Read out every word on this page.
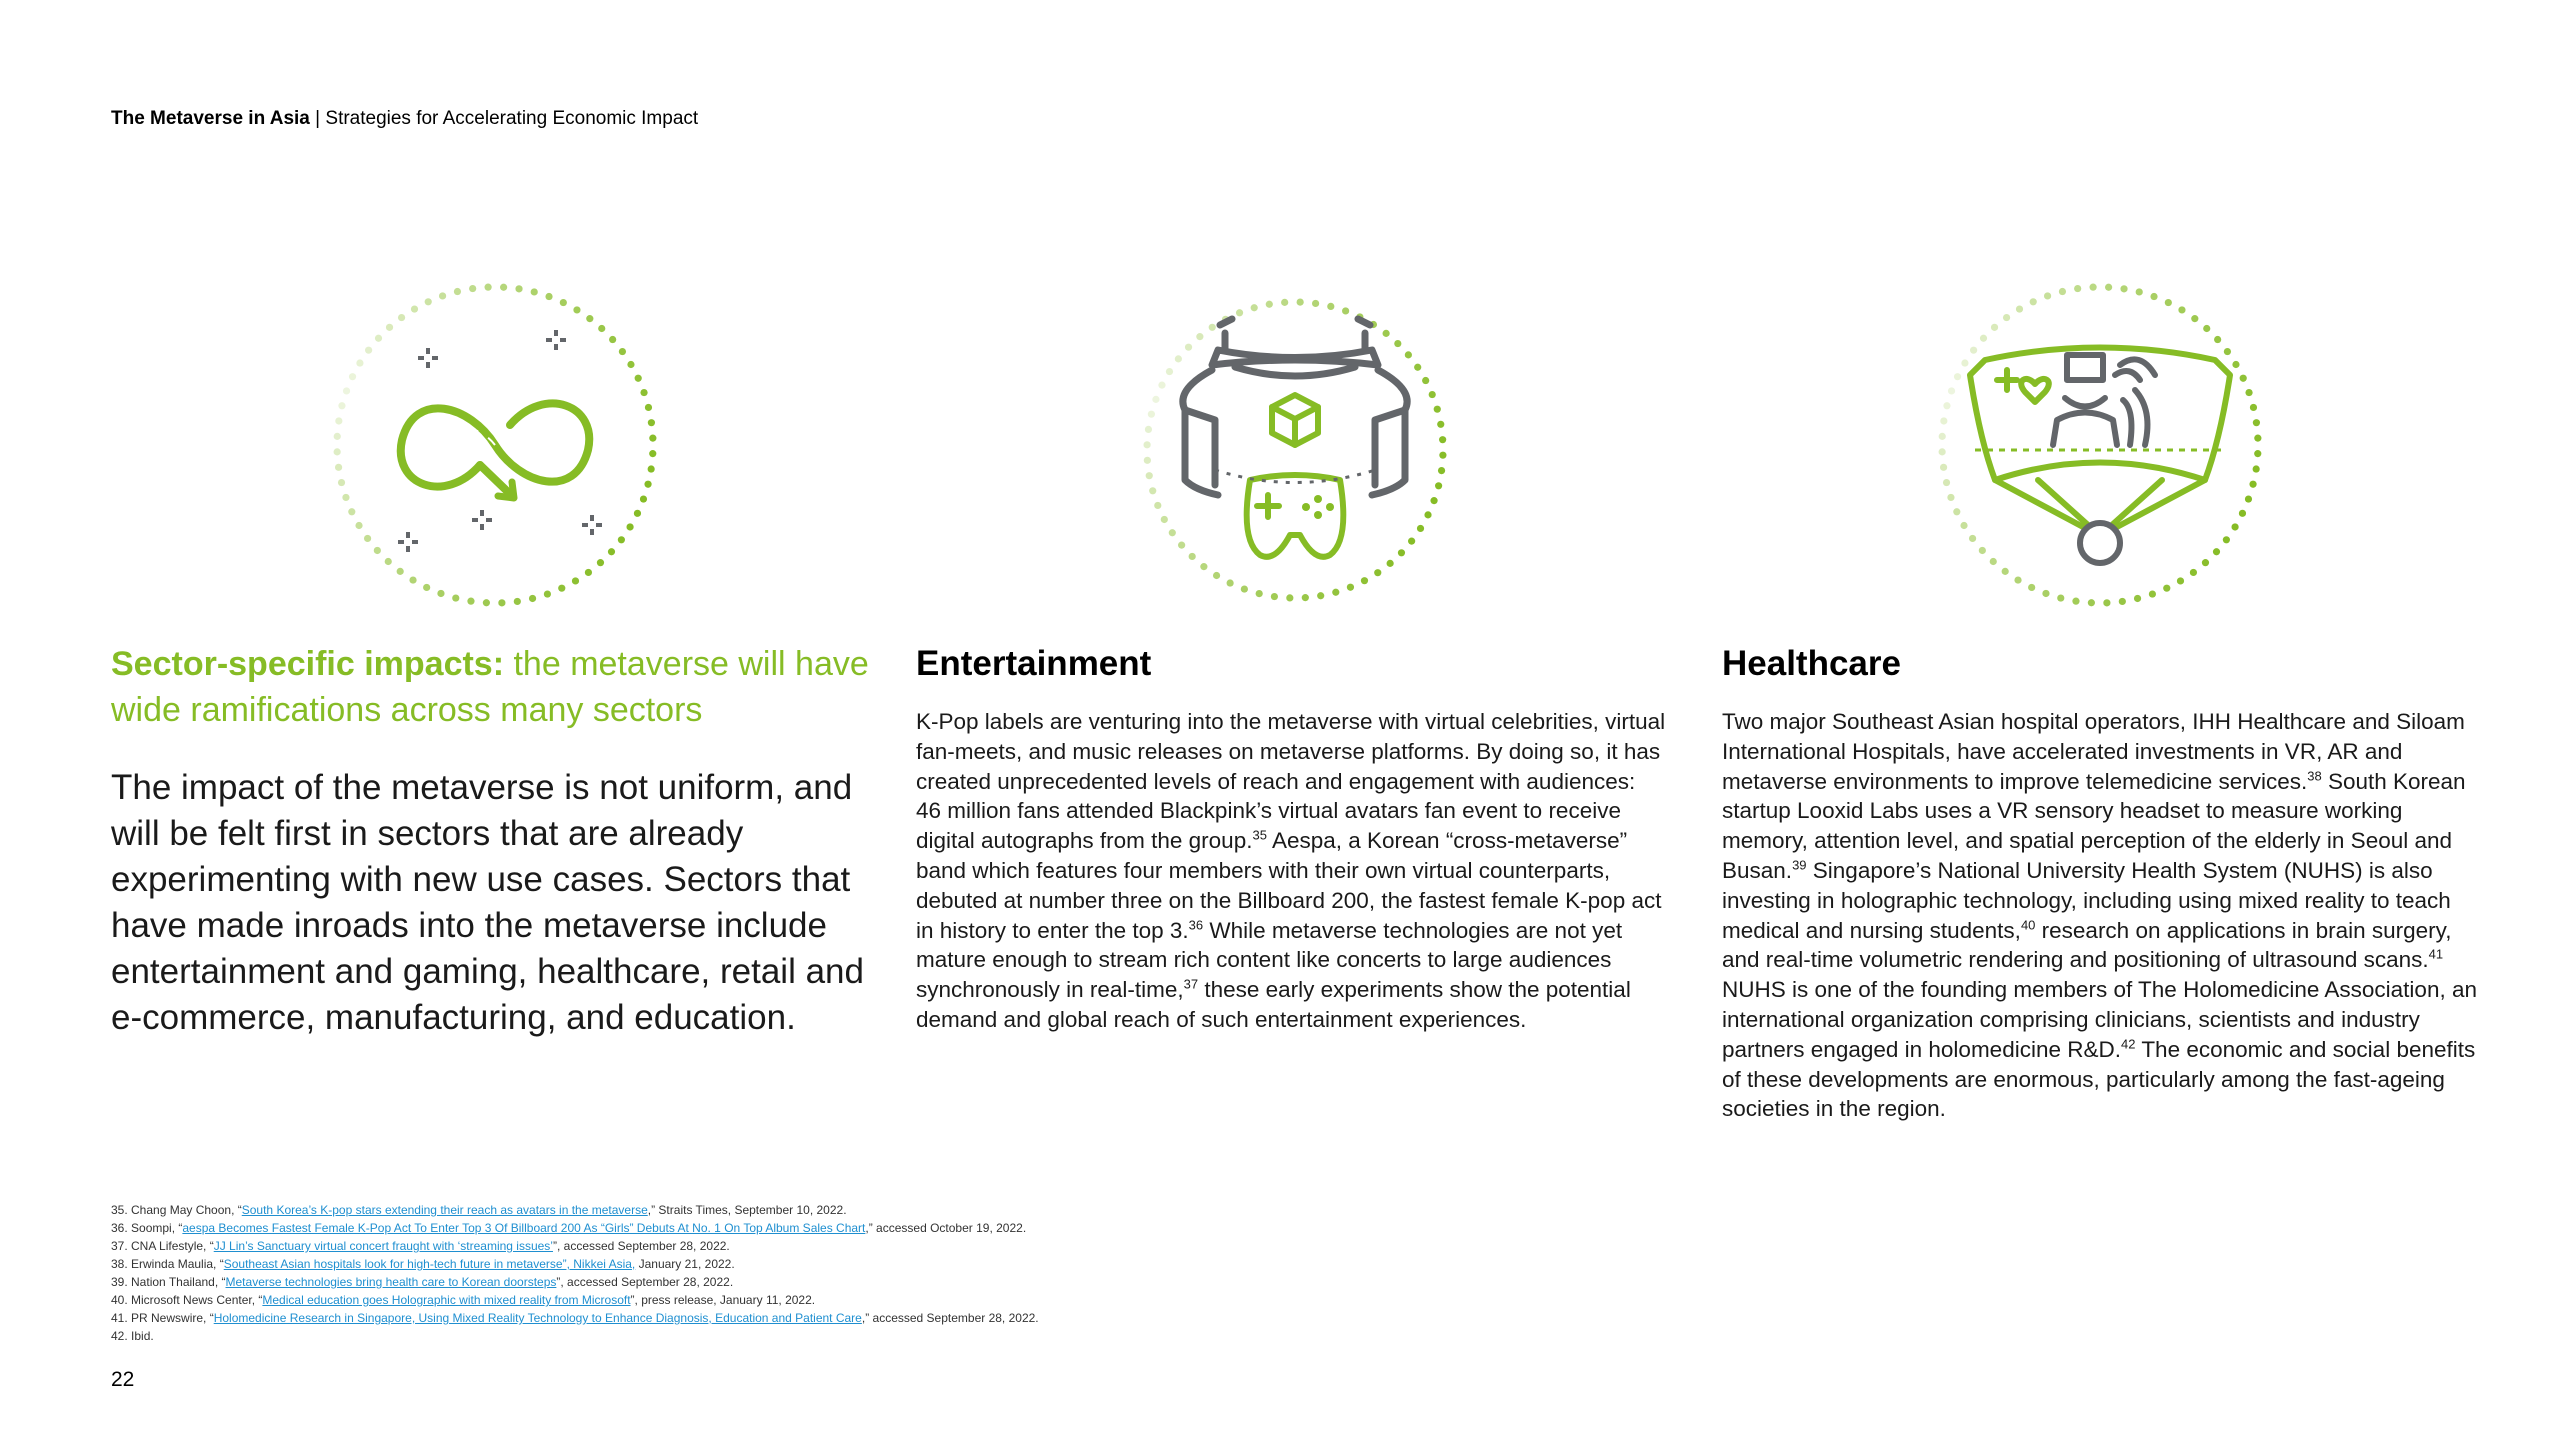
The Metaverse in Asia | Strategies for Accelerating Economic Impact

Sector-specific impacts: the metaverse will have wide ramifications across many sectors

The impact of the metaverse is not uniform, and will be felt first in sectors that are already experimenting with new use cases. Sectors that have made inroads into the metaverse include entertainment and gaming, healthcare, retail and e-commerce, manufacturing, and education.
Entertainment
K-Pop labels are venturing into the metaverse with virtual celebrities, virtual fan-meets, and music releases on metaverse platforms. By doing so, it has created unprecedented levels of reach and engagement with audiences: 46 million fans attended Blackpink’s virtual avatars fan event to receive digital autographs from the group.$^{35}$ Aespa, a Korean “cross-metaverse” band which features four members with their own virtual counterparts, debuted at number three on the Billboard 200, the fastest female K-pop act in history to enter the top 3.36 While metaverse technologies are not yet mature enough to stream rich content like concerts to large audiences synchronously in real-time,$^{37}$ these early experiments show the potential demand and global reach of such entertainment experiences.
Healthcare
Two major Southeast Asian hospital operators, IHH Healthcare and Siloam International Hospitals, have accelerated investments in VR, AR and metaverse environments to improve telemedicine services.$^{38}$ South Korean startup Looxid Labs uses a VR sensory headset to measure working memory, attention level, and spatial perception of the elderly in Seoul and Busan.$^{39}$ Singapore’s National University Health System (NUHS) is also investing in holographic technology, including using mixed reality to teach medical and nursing students,$^{40}$ research on applications in brain surgery, and real-time volumetric rendering and positioning of ultrasound scans.$^{41}$ NUHS is one of the founding members of The Holomedicine Association, an international organization comprising clinicians, scientists and industry partners engaged in holomedicine R&D.$^{42}$ The economic and social benefits of these developments are enormous, particularly among the fast-ageing societies in the region.
35. Chang May Choon, “South Korea’s K-pop stars extending their reach as avatars in the metaverse,” Straits Times, September 10, 2022.
36. Soompi, “aespa Becomes Fastest Female K-Pop Act To Enter Top 3 Of Billboard 200 As “Girls” Debuts At No. 1 On Top Album Sales Chart,” accessed October 19, 2022.
37. CNA Lifestyle, “JJ Lin’s Sanctuary virtual concert fraught with ‘streaming issues’”, accessed September 28, 2022.
38. Erwinda Maulia, “Southeast Asian hospitals look for high-tech future in metaverse”, Nikkei Asia, January 21, 2022.
39. Nation Thailand, “Metaverse technologies bring health care to Korean doorsteps”, accessed September 28, 2022.
40. Microsoft News Center, “Medical education goes Holographic with mixed reality from Microsoft”, press release, January 11, 2022.
41. PR Newswire, “Holomedicine Research in Singapore, Using Mixed Reality Technology to Enhance Diagnosis, Education and Patient Care,” accessed September 28, 2022.
42. Ibid.
22
